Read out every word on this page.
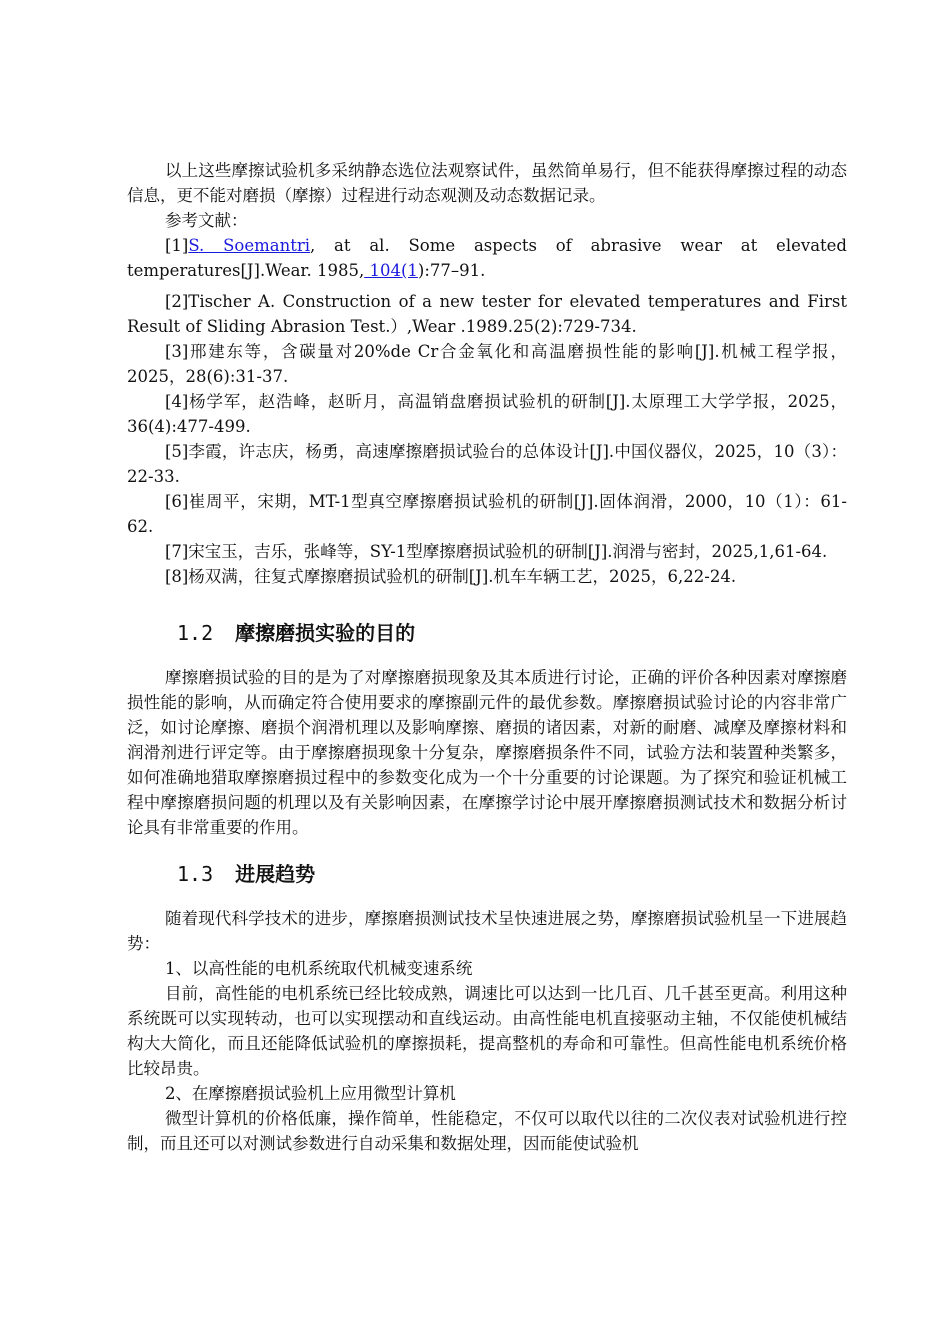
以上这些摩擦试验机多采纳静态选位法观察试件，虽然简单易行，但不能获得摩擦过程的动态信息，更不能对磨损（摩擦）过程进行动态观测及动态数据记录。

参考文献：

[1]S. Soemantri, at al. Some aspects of abrasive wear at elevated temperatures[J].Wear. 1985, 104(1):77–91.

[2]Tischer A. Construction of a new tester for elevated temperatures and First Result of Sliding Abrasion Test.）,Wear .1989.25(2):729-734.

[3]邢建东等，含碳量对20%de Cr合金氧化和高温磨损性能的影响[J].机械工程学报，2025，28(6):31-37.

[4]杨学军，赵浩峰，赵昕月，高温销盘磨损试验机的研制[J].太原理工大学学报，2025，36(4):477-499.

[5]李霞，许志庆，杨勇，高速摩擦磨损试验台的总体设计[J].中国仪器仪，2025，10（3）：22-33.

[6]崔周平，宋期，MT-1型真空摩擦磨损试验机的研制[J].固体润滑，2000，10（1）：61-62.

[7]宋宝玉，吉乐，张峰等，SY-1型摩擦磨损试验机的研制[J].润滑与密封，2025,1,61-64.

[8]杨双满，往复式摩擦磨损试验机的研制[J].机车车辆工艺，2025，6,22-24.

1.2 摩擦磨损实验的目的

摩擦磨损试验的目的是为了对摩擦磨损现象及其本质进行讨论，正确的评价各种因素对摩擦磨损性能的影响，从而确定符合使用要求的摩擦副元件的最优参数。摩擦磨损试验讨论的内容非常广泛，如讨论摩擦、磨损个润滑机理以及影响摩擦、磨损的诸因素，对新的耐磨、减摩及摩擦材料和润滑剂进行评定等。由于摩擦磨损现象十分复杂，摩擦磨损条件不同，试验方法和装置种类繁多，如何准确地猎取摩擦磨损过程中的参数变化成为一个十分重要的讨论课题。为了探究和验证机械工程中摩擦磨损问题的机理以及有关影响因素，在摩擦学讨论中展开摩擦磨损测试技术和数据分析讨论具有非常重要的作用。

1.3 进展趋势

随着现代科学技术的进步，摩擦磨损测试技术呈快速进展之势，摩擦磨损试验机呈一下进展趋势：

1、以高性能的电机系统取代机械变速系统

目前，高性能的电机系统已经比较成熟，调速比可以达到一比几百、几千甚至更高。利用这种系统既可以实现转动，也可以实现摆动和直线运动。由高性能电机直接驱动主轴，不仅能使机械结构大大简化，而且还能降低试验机的摩擦损耗，提高整机的寿命和可靠性。但高性能电机系统价格比较昂贵。

2、在摩擦磨损试验机上应用微型计算机

微型计算机的价格低廉，操作简单，性能稳定，不仅可以取代以往的二次仪表对试验机进行控制，而且还可以对测试参数进行自动采集和数据处理，因而能使试验机
